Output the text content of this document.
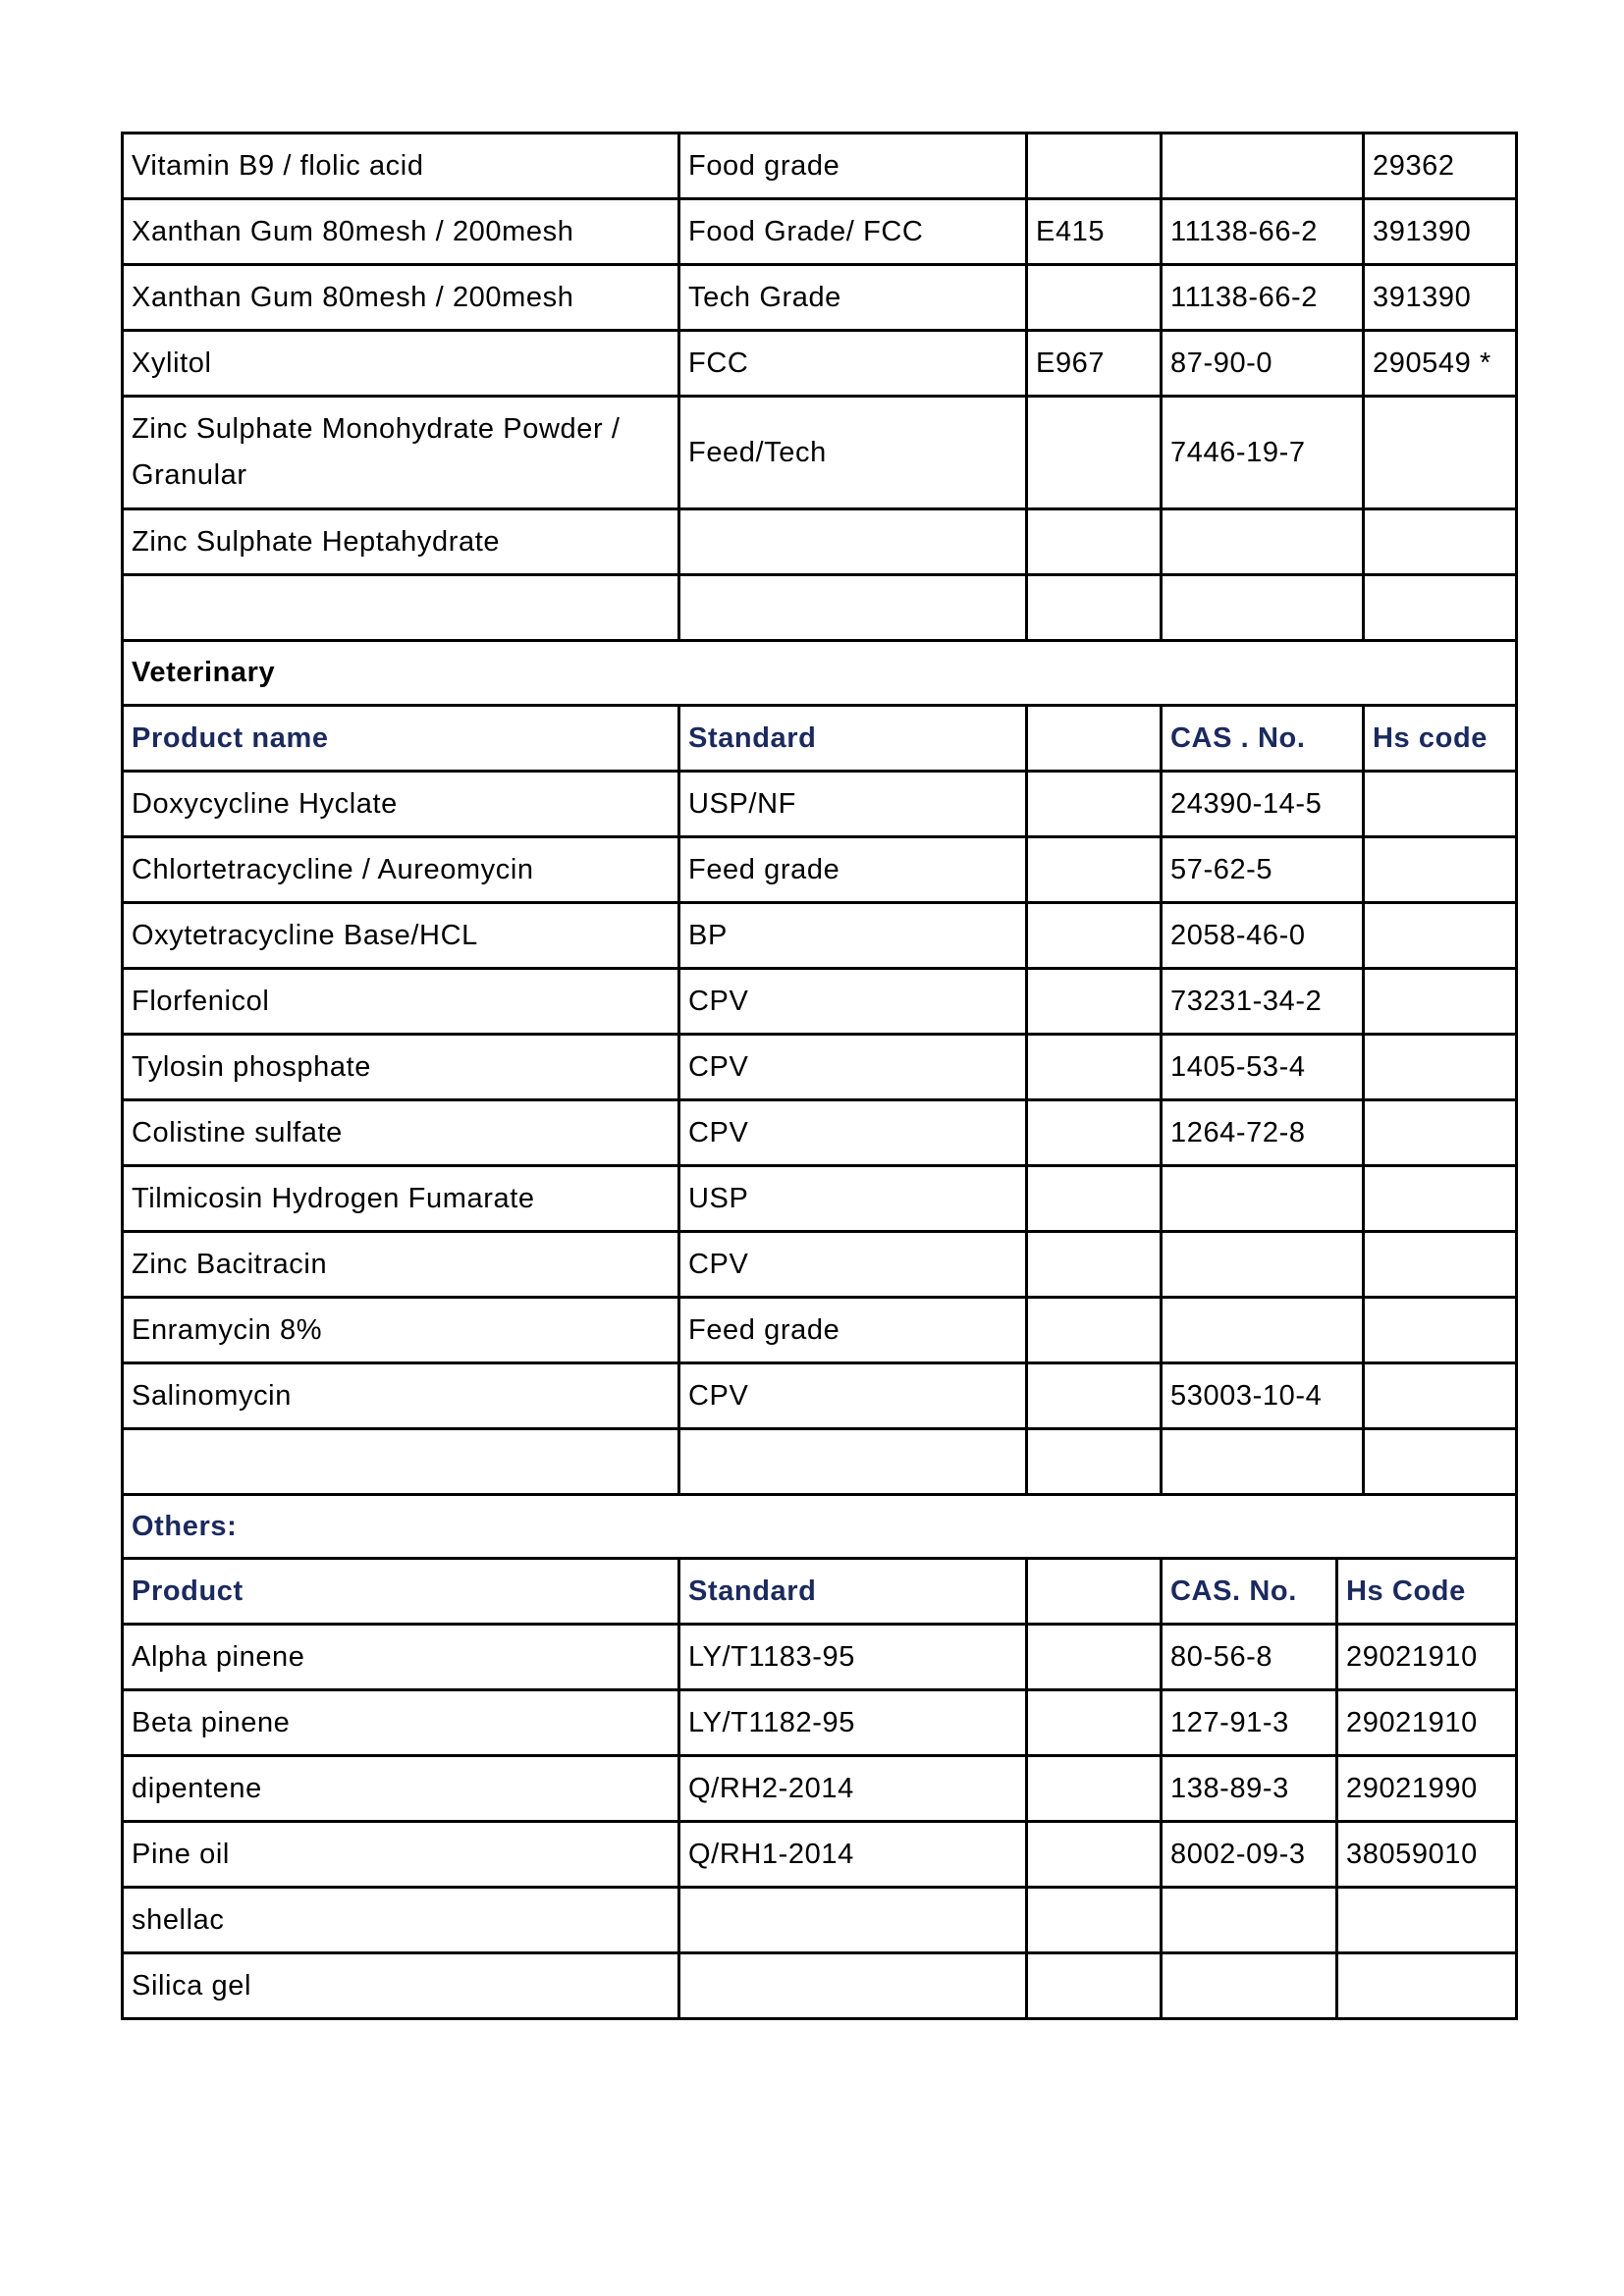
Vitamin B9 / flolic acid	Food grade			29362
Xanthan Gum 80mesh / 200mesh	Food Grade/ FCC	E415	11138-66-2	391390
Xanthan Gum 80mesh / 200mesh	Tech Grade		11138-66-2	391390
Xylitol	FCC	E967	87-90-0	290549 *
Zinc Sulphate Monohydrate Powder / Granular	Feed/Tech		7446-19-7	
Zinc Sulphate Heptahydrate				

Veterinary				
Product name	Standard		CAS . No.	Hs code
Doxycycline Hyclate	USP/NF		24390-14-5	
Chlortetracycline / Aureomycin	Feed grade		57-62-5	
Oxytetracycline Base/HCL	BP		2058-46-0	
Florfenicol	CPV		73231-34-2	
Tylosin phosphate	CPV		1405-53-4	
Colistine sulfate	CPV		1264-72-8	
Tilmicosin Hydrogen Fumarate	USP			
Zinc Bacitracin	CPV			
Enramycin 8%	Feed grade			
Salinomycin	CPV		53003-10-4	

Others:				
Product	Standard		CAS. No.	Hs Code
Alpha pinene	LY/T1183-95		80-56-8	29021910
Beta pinene	LY/T1182-95		127-91-3	29021910
dipentene	Q/RH2-2014		138-89-3	29021990
Pine oil	Q/RH1-2014		8002-09-3	38059010
shellac				
Silica gel				
